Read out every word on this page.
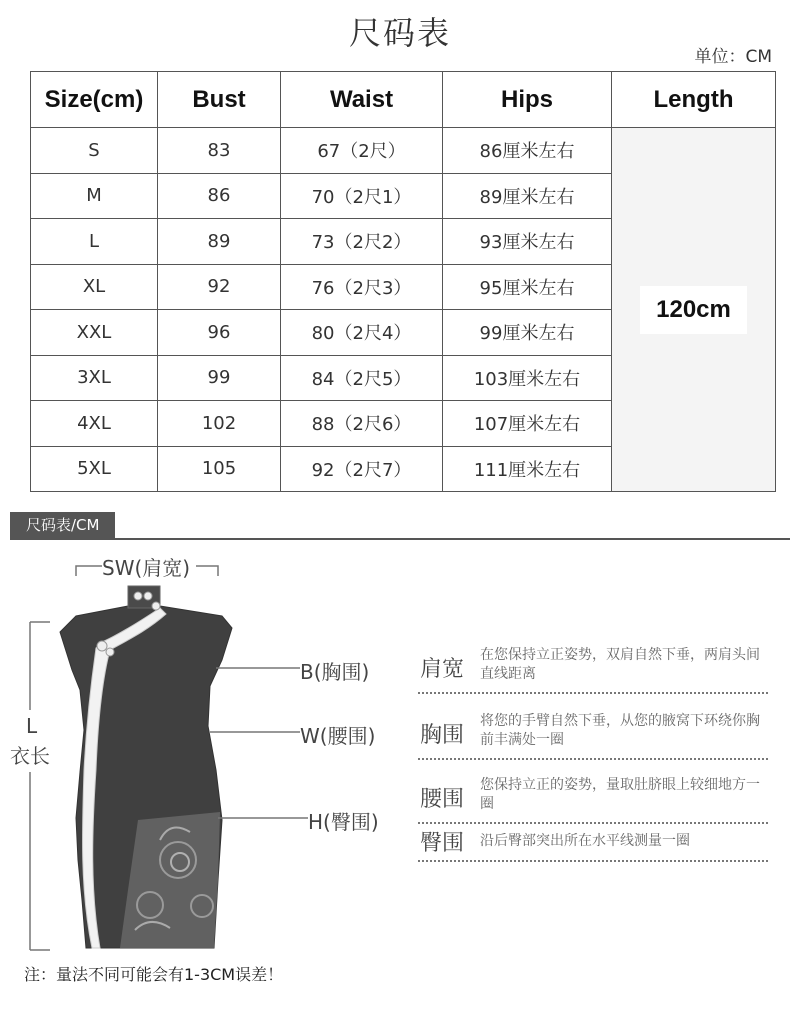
尺码表
单位：CM
Size(cm)	Bust	Waist	Hips	Length
S	83	67（2尺）	86厘米左右	120cm
M	86	70（2尺1）	89厘米左右	
L	89	73（2尺2）	93厘米左右	
XL	92	76（2尺3）	95厘米左右	
XXL	96	80（2尺4）	99厘米左右	
3XL	99	84（2尺5）	103厘米左右	
4XL	102	88（2尺6）	107厘米左右	
5XL	105	92（2尺7）	111厘米左右	
尺码表/CM
SW(肩宽)
B(胸围)
W(腰围)
H(臀围)
L
衣长
肩宽
在您保持立正姿势，双肩自然下垂，两肩头间直线距离
胸围
将您的手臂自然下垂，从您的腋窝下环绕你胸前丰满处一圈
腰围
您保持立正的姿势，量取肚脐眼上较细地方一圈
臀围 沿后臀部突出所在水平线测量一圈
注：量法不同可能会有1-3CM误差！
